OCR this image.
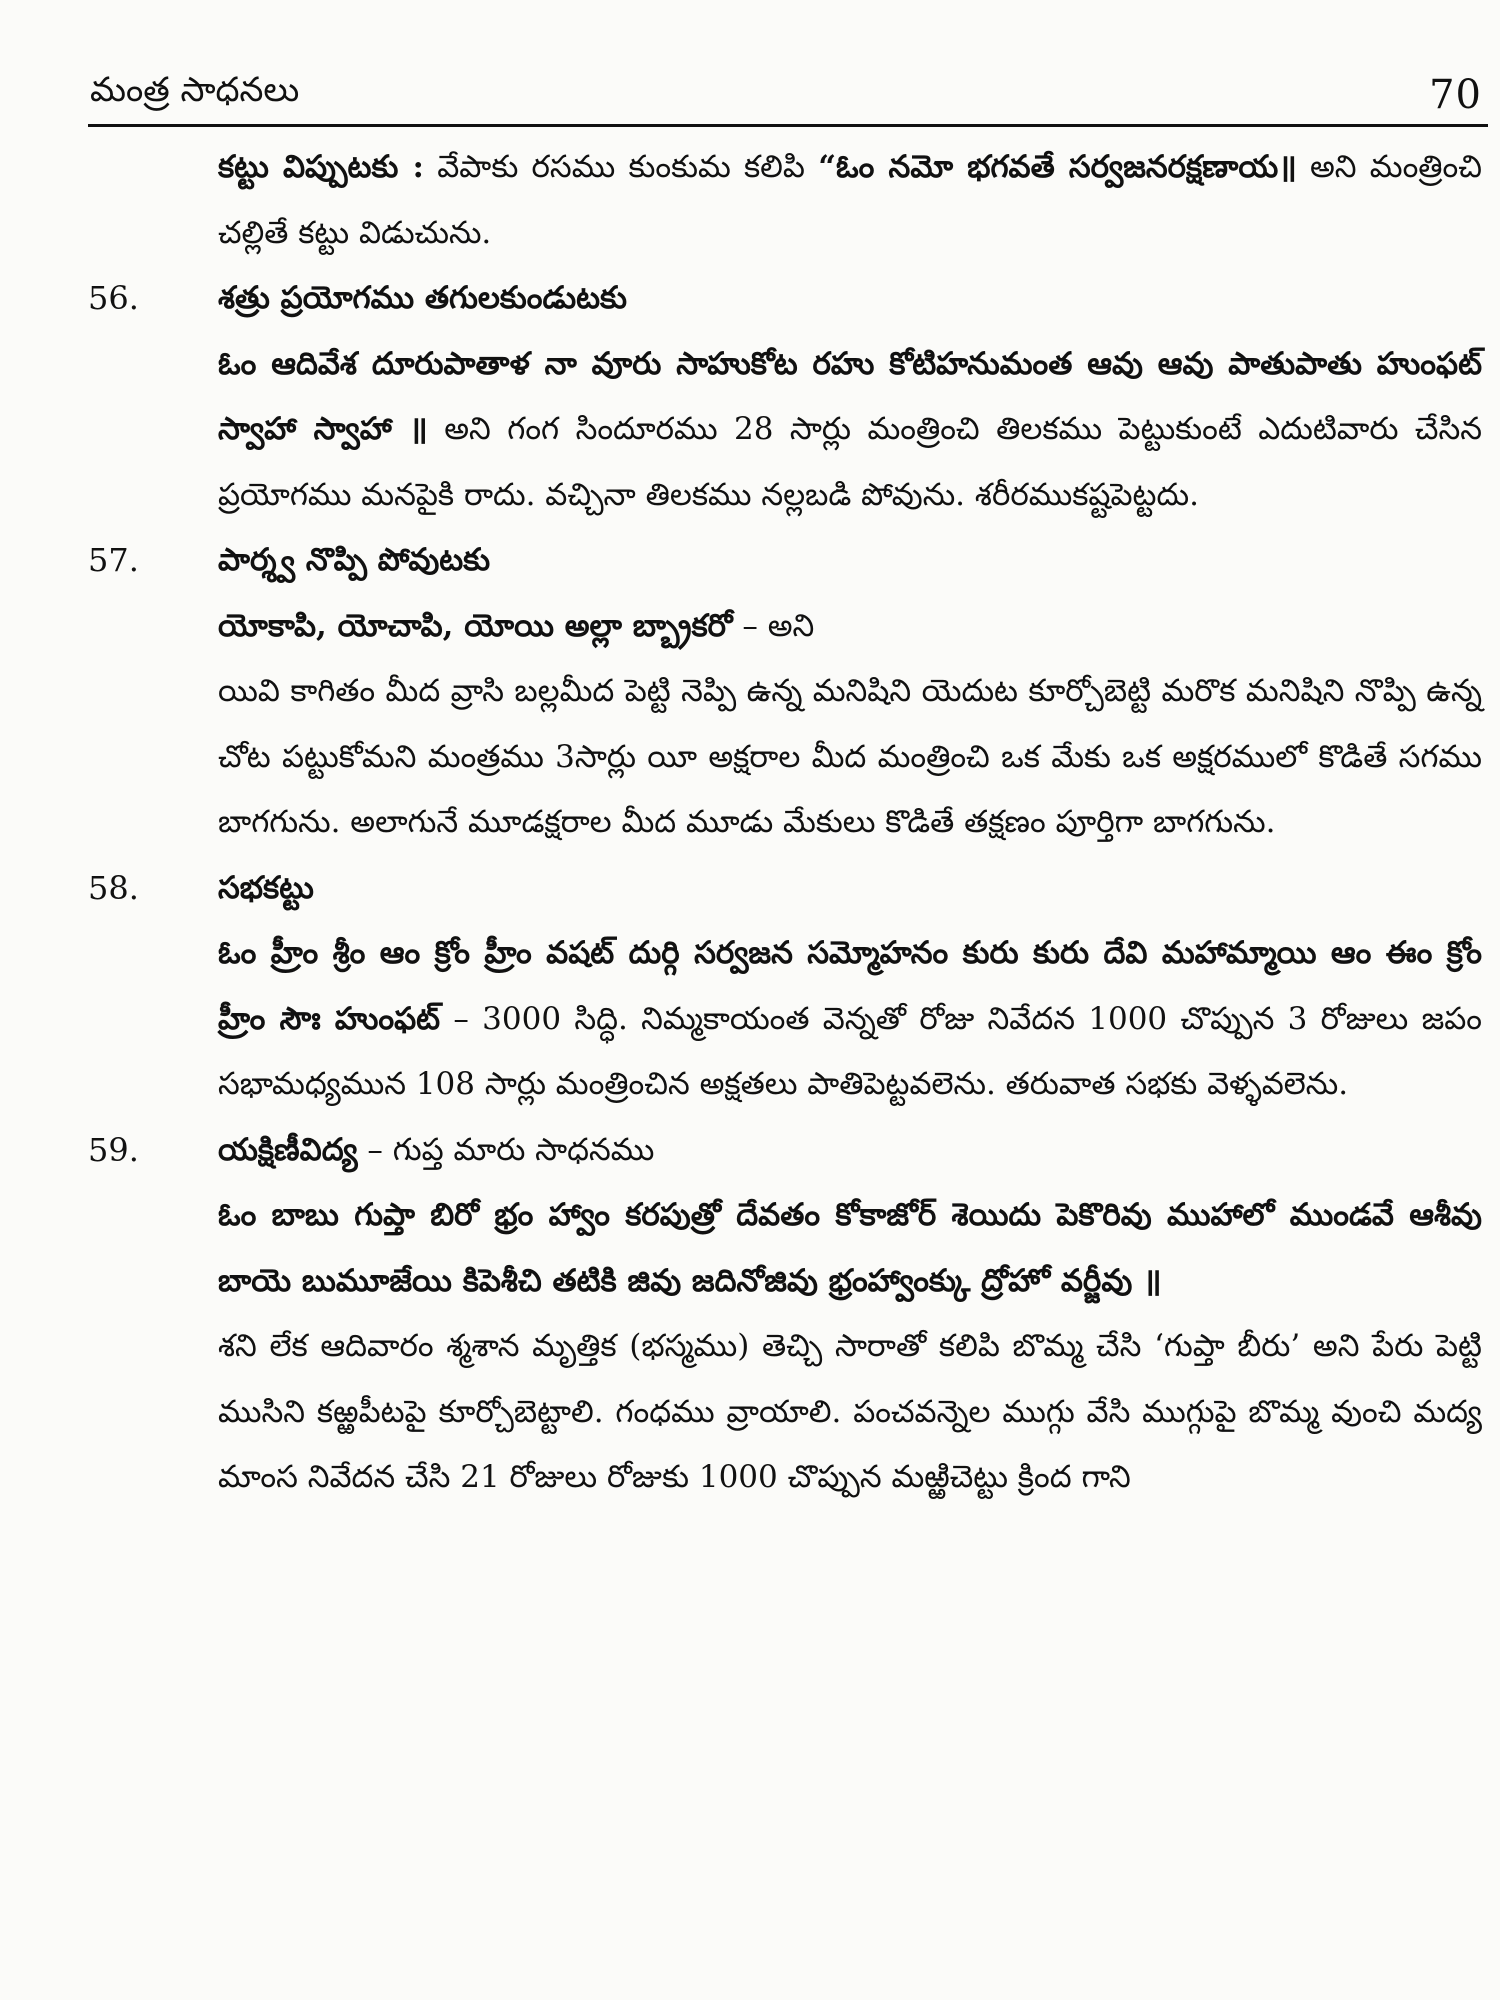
మంత్ర సాధనలు	70

కట్టు విప్పుటకు : వేపాకు రసము కుంకుమ కలిపి “ఓం నమో భగవతే సర్వజనరక్షణాయ॥ అని మంత్రించి చల్లితే కట్టు విడుచును.

56.	శత్రు ప్రయోగము తగులకుండుటకు

ఓం ఆదివేశ దూరుపాతాళ నా వూరు సాహుకోట రహు కోటిహనుమంత ఆవు ఆవు పాతుపాతు హుంఫట్ స్వాహా స్వాహా ॥ అని గంగ సిందూరము 28 సార్లు మంత్రించి తిలకము పెట్టుకుంటే ఎదుటివారు చేసిన ప్రయోగము మనపైకి రాదు. వచ్చినా తిలకము నల్లబడి పోవును. శరీరముకష్టపెట్టదు.

57.	పార్శ్వ నొప్పి పోవుటకు

యోకాపి, యోచాపి, యోయి అల్లా బ్బ్రాకరో – అని

యివి కాగితం మీద వ్రాసి బల్లమీద పెట్టి నెప్పి ఉన్న మనిషిని యెదుట కూర్చోబెట్టి మరొక మనిషిని నొప్పి ఉన్న చోట పట్టుకోమని మంత్రము 3సార్లు యీ అక్షరాల మీద మంత్రించి ఒక మేకు ఒక అక్షరములో కొడితే సగము బాగగును. అలాగునే మూడక్షరాల మీద మూడు మేకులు కొడితే తక్షణం పూర్తిగా బాగగును.

58.	సభకట్టు

ఓం హ్రీం శ్రీం ఆం క్రోం హ్రీం వషట్ దుర్గి సర్వజన సమ్మోహనం కురు కురు దేవి మహామ్మాయి ఆం ఈం క్రోం హ్రీం సౌః హుంఫట్ – 3000 సిద్ధి. నిమ్మకాయంత వెన్నతో రోజు నివేదన 1000 చొప్పున 3 రోజులు జపం సభామధ్యమున 108 సార్లు మంత్రించిన అక్షతలు పాతిపెట్టవలెను. తరువాత సభకు వెళ్ళవలెను.

59.	యక్షిణీవిద్య – గుప్త మారు సాధనము

ఓం బాబు గుప్తా బిరో భ్రం హ్వాం కరపుత్రో దేవతం కోకాజోర్ శెయిదు పెకొరివు ముహాలో ముండవే ఆశీవు బాయె బుమూజేయి కిపెశీచి తటికి జివు జదినోజివు భ్రంహ్వాంక్కు ద్రోహో వర్జీవు ॥

శని లేక ఆదివారం శ్మశాన మృత్తిక (భస్మము) తెచ్చి సారాతో కలిపి బొమ్మ చేసి ‘గుప్తా బీరు’ అని పేరు పెట్టి ముసిని కఱ్ఱపీటపై కూర్చోబెట్టాలి. గంధము వ్రాయాలి. పంచవన్నెల ముగ్గు వేసి ముగ్గుపై బొమ్మ వుంచి మద్య మాంస నివేదన చేసి 21 రోజులు రోజుకు 1000 చొప్పున మఱ్ఱిచెట్టు క్రింద గాని
